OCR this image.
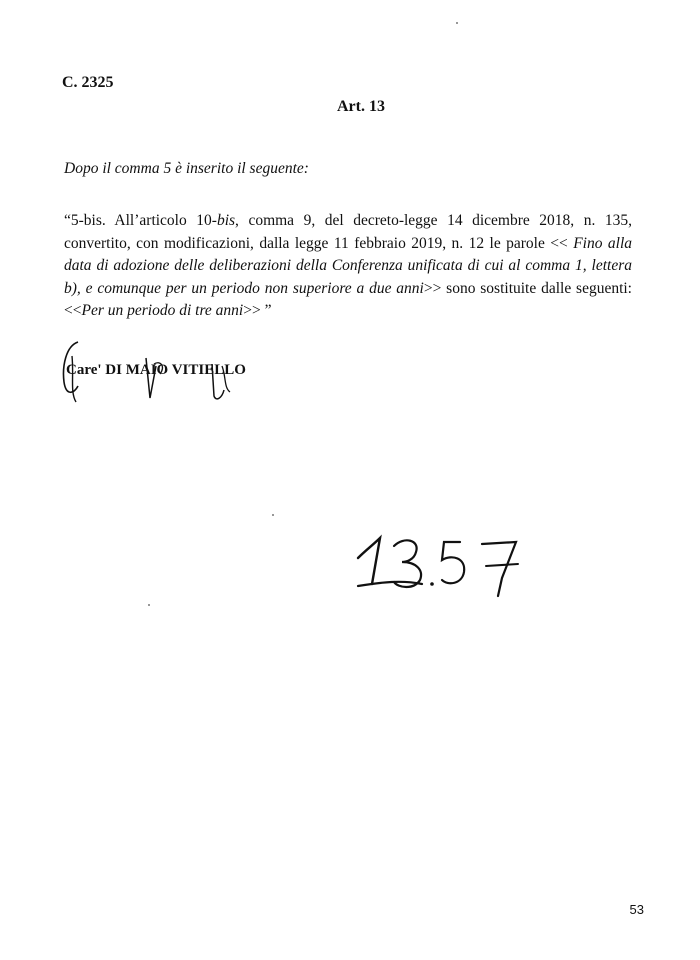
C. 2325
Art. 13
Dopo il comma 5 è inserito il seguente:
“5-bis. All’articolo 10-bis, comma 9, del decreto-legge 14 dicembre 2018, n. 135, convertito, con modificazioni, dalla legge 11 febbraio 2019, n. 12 le parole << Fino alla data di adozione delle deliberazioni della Conferenza unificata di cui al comma 1, lettera b), e comunque per un periodo non superiore a due anni>> sono sostituite dalle seguenti: <<Per un periodo di tre anni>> ”
Care' DI MAIO VITIELLO
53
